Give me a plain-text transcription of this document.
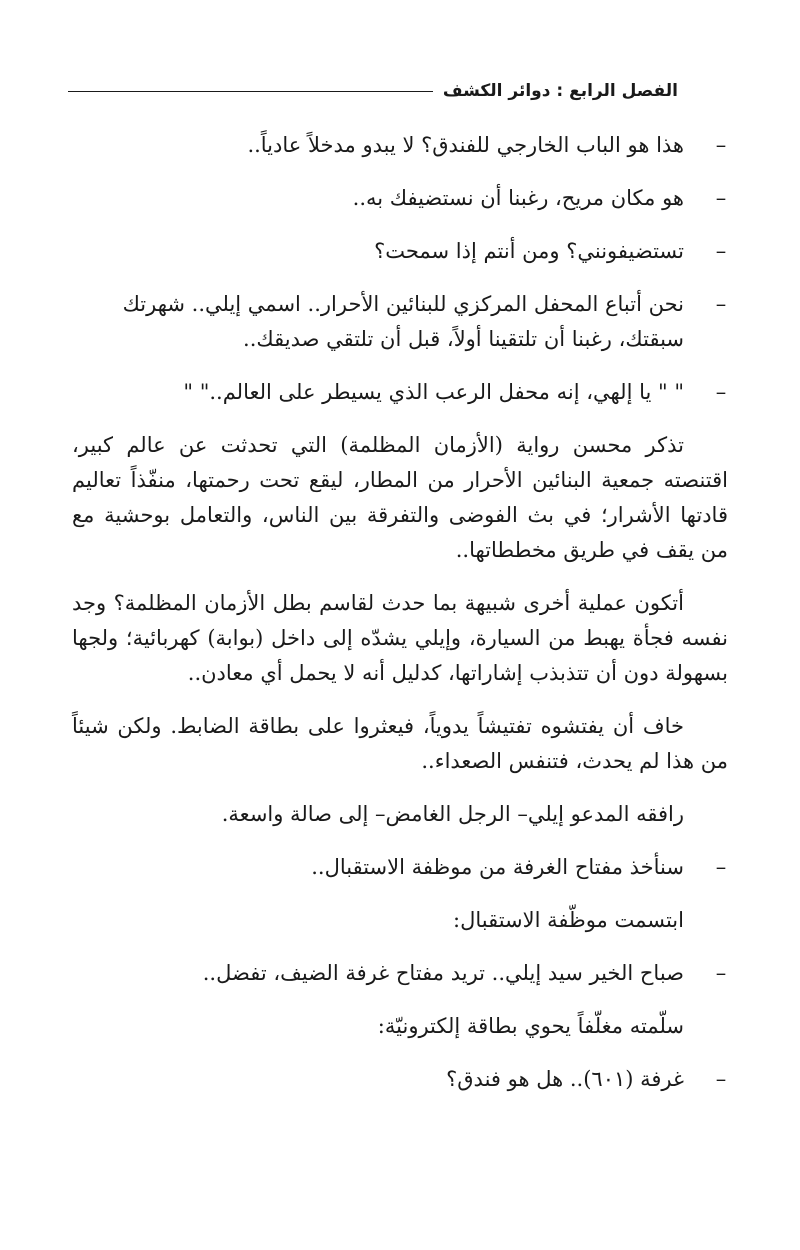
الفصل الرابع : دوائر الكشف
–
هذا هو الباب الخارجي للفندق؟ لا يبدو مدخلاً عادياً..
–
هو مكان مريح، رغبنا أن نستضيفك به..
–
تستضيفونني؟ ومن أنتم إذا سمحت؟
–
نحن أتباع المحفل المركزي للبنائين الأحرار.. اسمي إيلي.. شهرتك سبقتك، رغبنا أن تلتقينا أولاً، قبل أن تلتقي صديقك..
–
" " يا إلهي، إنه محفل الرعب الذي يسيطر على العالم.." "

تذكر محسن رواية (الأزمان المظلمة) التي تحدثت عن عالم كبير، اقتنصته جمعية البنائين الأحرار من المطار، ليقع تحت رحمتها، منفّذاً تعاليم قادتها الأشرار؛ في بث الفوضى والتفرقة بين الناس، والتعامل بوحشية مع من يقف في طريق مخططاتها..

أتكون عملية أخرى شبيهة بما حدث لقاسم بطل الأزمان المظلمة؟ وجد نفسه فجأة يهبط من السيارة، وإيلي يشدّه إلى داخل (بوابة) كهربائية؛ ولجها بسهولة دون أن تتذبذب إشاراتها، كدليل أنه لا يحمل أي معادن..

خاف أن يفتشوه تفتيشاً يدوياً، فيعثروا على بطاقة الضابط. ولكن شيئاً من هذا لم يحدث، فتنفس الصعداء..

رافقه المدعو إيلي– الرجل الغامض– إلى صالة واسعة.
–
سنأخذ مفتاح الغرفة من موظفة الاستقبال..
ابتسمت موظّفة الاستقبال:
–
صباح الخير سيد إيلي.. تريد مفتاح غرفة الضيف، تفضل..
سلّمته مغلّفاً يحوي بطاقة إلكترونيّة:
–
غرفة (٦٠١).. هل هو فندق؟
